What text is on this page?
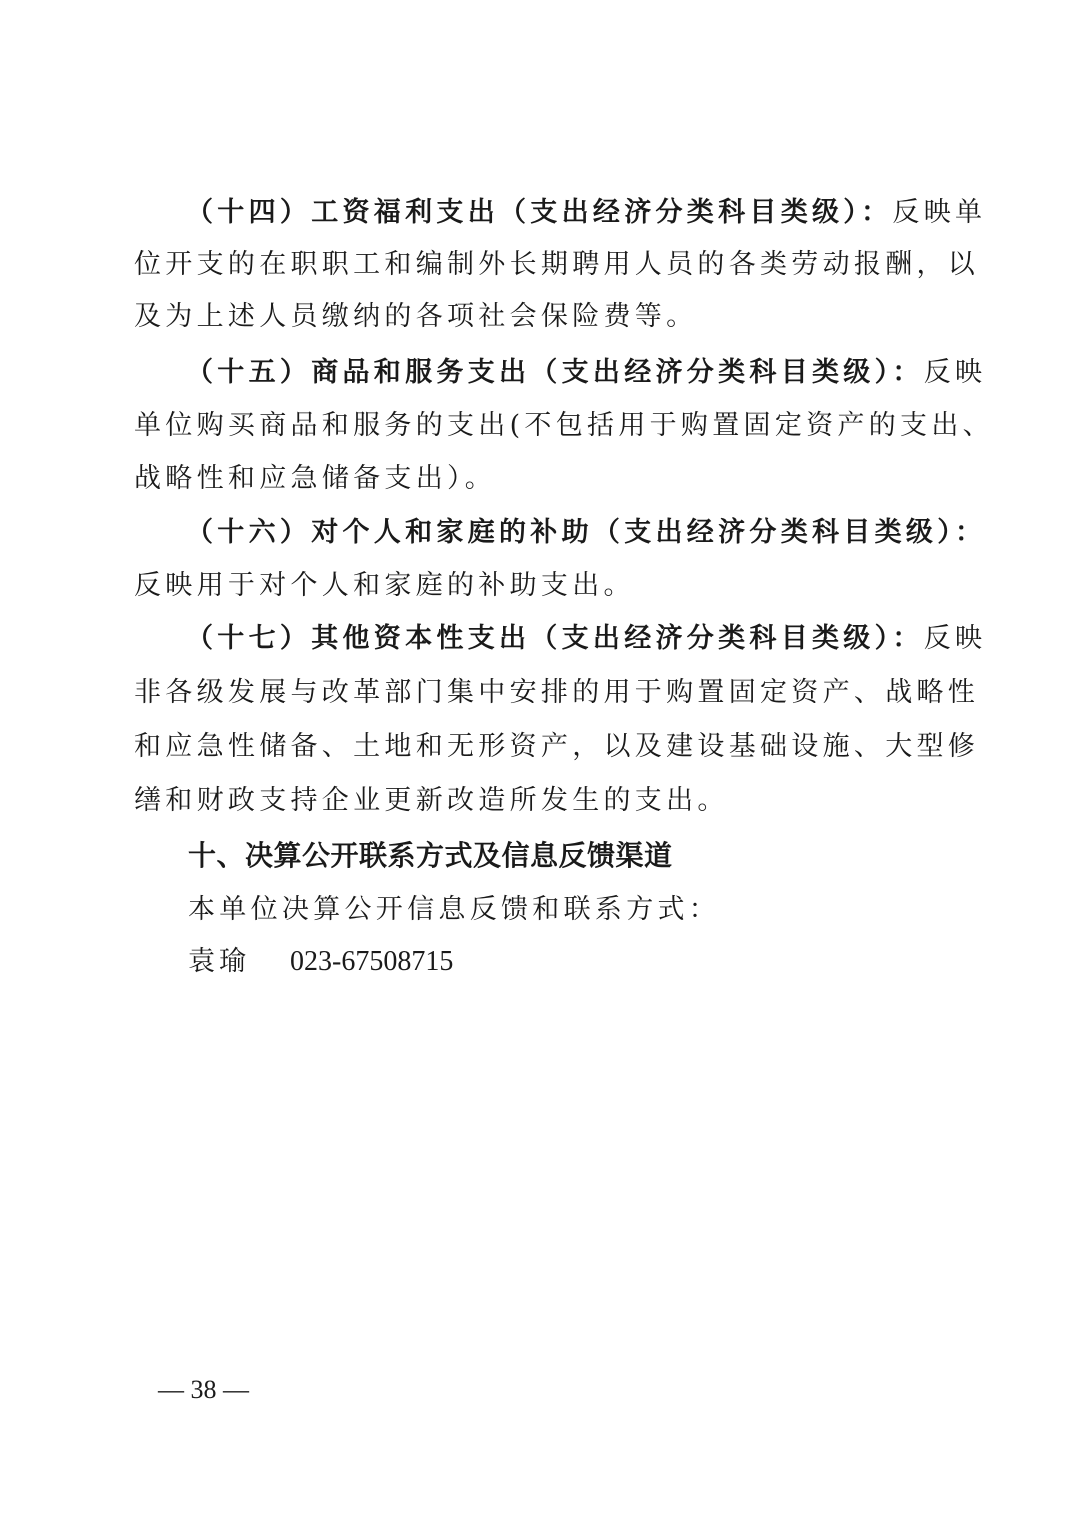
（十四）工资福利支出（支出经济分类科目类级）：反映单
位开支的在职职工和编制外长期聘用人员的各类劳动报酬，以
及为上述人员缴纳的各项社会保险费等。
（十五）商品和服务支出（支出经济分类科目类级）：反映
单位购买商品和服务的支出(不包括用于购置固定资产的支出、
战略性和应急储备支出）。
（十六）对个人和家庭的补助（支出经济分类科目类级）：
反映用于对个人和家庭的补助支出。
（十七）其他资本性支出（支出经济分类科目类级）：反映
非各级发展与改革部门集中安排的用于购置固定资产、战略性
和应急性储备、土地和无形资产，以及建设基础设施、大型修
缮和财政支持企业更新改造所发生的支出。
十、决算公开联系方式及信息反馈渠道
本单位决算公开信息反馈和联系方式：
袁瑜 023-67508715
— 38 —
